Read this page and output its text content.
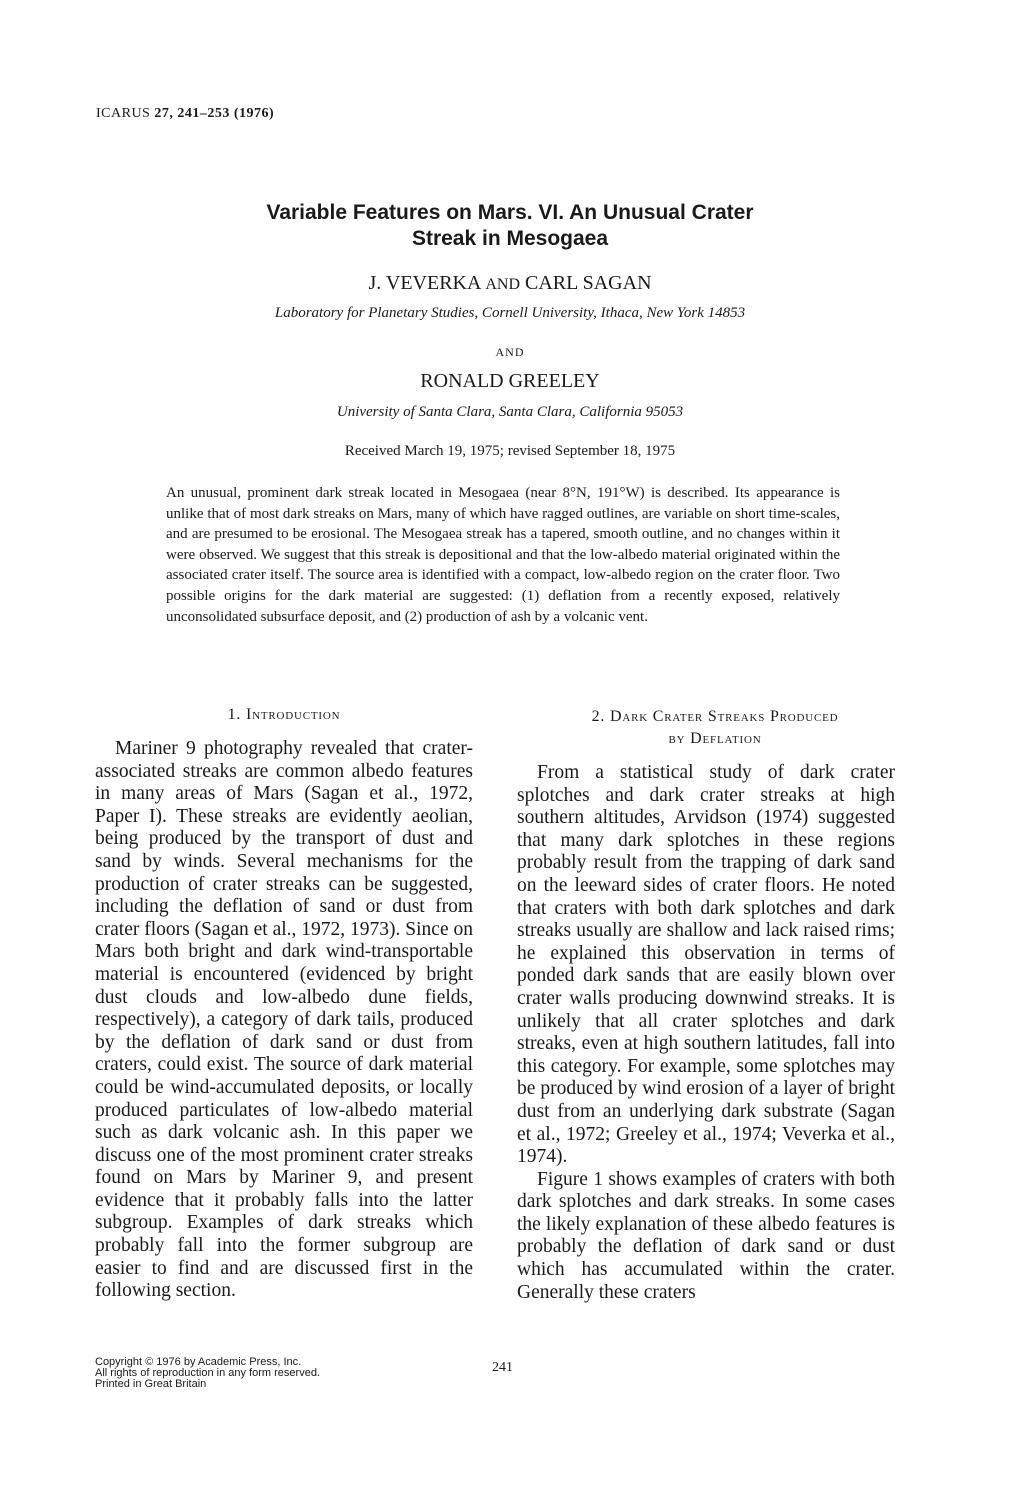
ICARUS 27, 241–253 (1976)
Variable Features on Mars. VI. An Unusual Crater
Streak in Mesogaea
J. VEVERKA AND CARL SAGAN
Laboratory for Planetary Studies, Cornell University, Ithaca, New York 14853
AND
RONALD GREELEY
University of Santa Clara, Santa Clara, California 95053
Received March 19, 1975; revised September 18, 1975
An unusual, prominent dark streak located in Mesogaea (near 8°N, 191°W) is described. Its appearance is unlike that of most dark streaks on Mars, many of which have ragged outlines, are variable on short time-scales, and are presumed to be erosional. The Mesogaea streak has a tapered, smooth outline, and no changes within it were observed. We suggest that this streak is depositional and that the low-albedo material originated within the associated crater itself. The source area is identified with a compact, low-albedo region on the crater floor. Two possible origins for the dark material are suggested: (1) deflation from a recently exposed, relatively unconsolidated subsurface deposit, and (2) production of ash by a volcanic vent.
1. Introduction

Mariner 9 photography revealed that crater-associated streaks are common albedo features in many areas of Mars (Sagan et al., 1972, Paper I). These streaks are evidently aeolian, being produced by the transport of dust and sand by winds. Several mechanisms for the production of crater streaks can be suggested, including the deflation of sand or dust from crater floors (Sagan et al., 1972, 1973). Since on Mars both bright and dark wind-transportable material is encountered (evidenced by bright dust clouds and low-albedo dune fields, respectively), a category of dark tails, produced by the deflation of dark sand or dust from craters, could exist. The source of dark material could be wind-accumulated deposits, or locally produced particulates of low-albedo material such as dark volcanic ash. In this paper we discuss one of the most prominent crater streaks found on Mars by Mariner 9, and present evidence that it probably falls into the latter subgroup. Examples of dark streaks which probably fall into the former subgroup are easier to find and are discussed first in the following section.

2. Dark Crater Streaks Produced
by Deflation

From a statistical study of dark crater splotches and dark crater streaks at high southern altitudes, Arvidson (1974) suggested that many dark splotches in these regions probably result from the trapping of dark sand on the leeward sides of crater floors. He noted that craters with both dark splotches and dark streaks usually are shallow and lack raised rims; he explained this observation in terms of ponded dark sands that are easily blown over crater walls producing downwind streaks. It is unlikely that all crater splotches and dark streaks, even at high southern latitudes, fall into this category. For example, some splotches may be produced by wind erosion of a layer of bright dust from an underlying dark substrate (Sagan et al., 1972; Greeley et al., 1974; Veverka et al., 1974).

Figure 1 shows examples of craters with both dark splotches and dark streaks. In some cases the likely explanation of these albedo features is probably the deflation of dark sand or dust which has accumulated within the crater. Generally these craters

Copyright © 1976 by Academic Press, Inc.
All rights of reproduction in any form reserved.
Printed in Great Britain
241
